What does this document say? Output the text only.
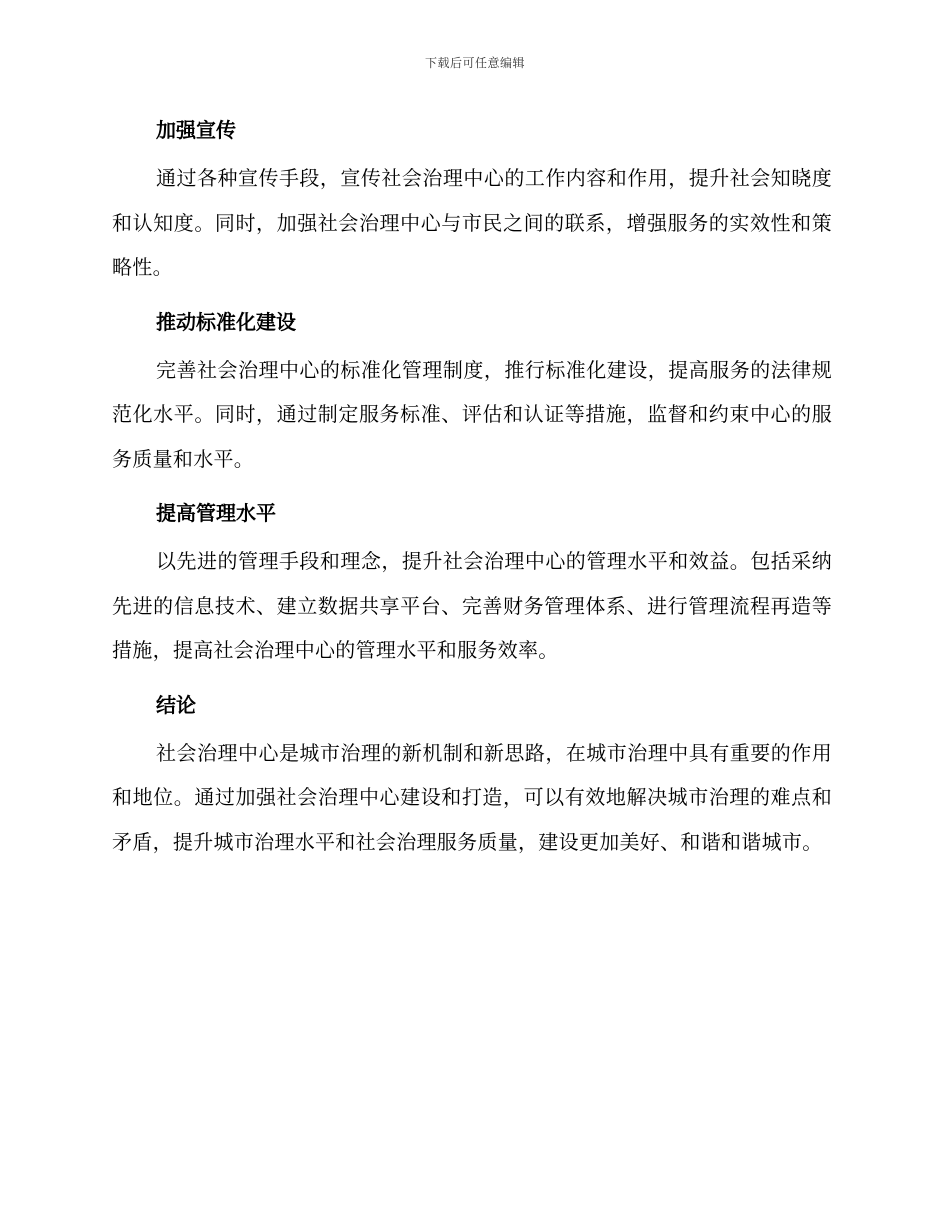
下载后可任意编辑
加强宣传

通过各种宣传手段，宣传社会治理中心的工作内容和作用，提升社会知晓度和认知度。同时，加强社会治理中心与市民之间的联系，增强服务的实效性和策略性。

推动标准化建设

完善社会治理中心的标准化管理制度，推行标准化建设，提高服务的法律规范化水平。同时，通过制定服务标准、评估和认证等措施，监督和约束中心的服务质量和水平。

提高管理水平

以先进的管理手段和理念，提升社会治理中心的管理水平和效益。包括采纳先进的信息技术、建立数据共享平台、完善财务管理体系、进行管理流程再造等措施，提高社会治理中心的管理水平和服务效率。

结论

社会治理中心是城市治理的新机制和新思路，在城市治理中具有重要的作用和地位。通过加强社会治理中心建设和打造，可以有效地解决城市治理的难点和矛盾，提升城市治理水平和社会治理服务质量，建设更加美好、和谐和谐城市。
